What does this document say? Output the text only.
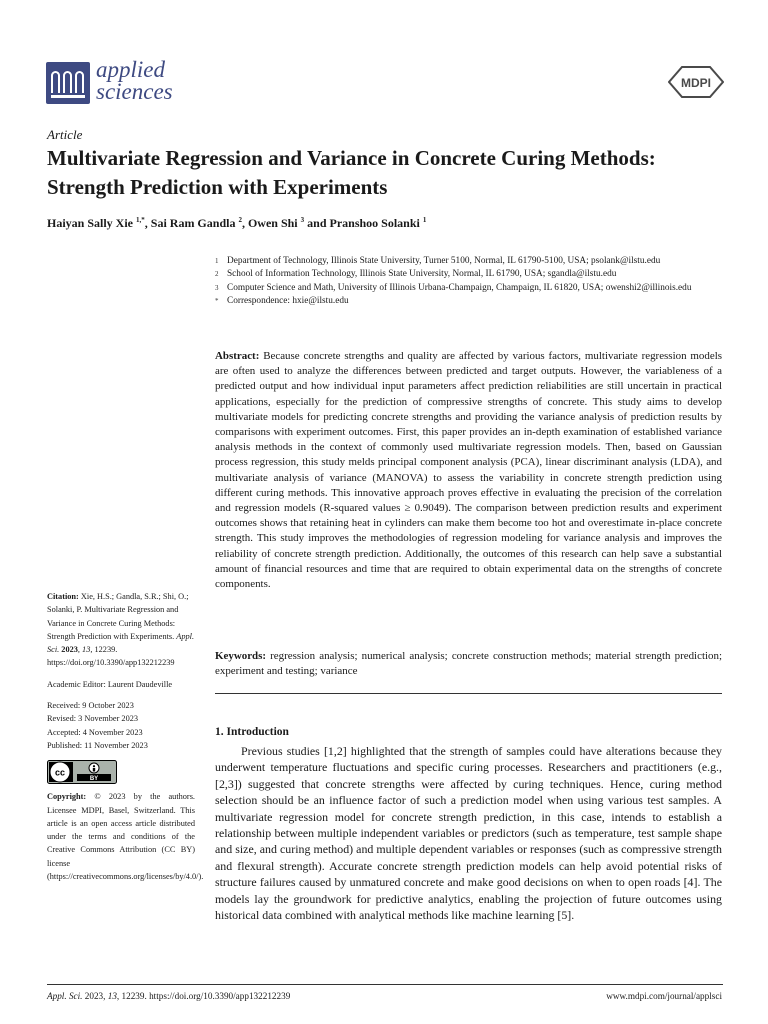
applied
sciences	MDPI
Article
Multivariate Regression and Variance in Concrete Curing Methods: Strength Prediction with Experiments
Haiyan Sally Xie $^{1,*}$, Sai Ram Gandla $^2$, Owen Shi $^3$ and Pranshoo Solanki $^1$
1 Department of Technology, Illinois State University, Turner 5100, Normal, IL 61790-5100, USA; psolank@ilstu.edu
2 School of Information Technology, Illinois State University, Normal, IL 61790, USA; sgandla@ilstu.edu
3 Computer Science and Math, University of Illinois Urbana-Champaign, Champaign, IL 61820, USA; owenshi2@illinois.edu
* Correspondence: hxie@ilstu.edu
Abstract: Because concrete strengths and quality are affected by various factors, multivariate regression models are often used to analyze the differences between predicted and target outputs. However, the variableness of a predicted output and how individual input parameters affect prediction reliabilities are still uncertain in practical applications, especially for the prediction of compressive strengths of concrete. This study aims to develop multivariate models for predicting concrete strengths and providing the variance analysis of prediction results by comparisons with experiment outcomes. First, this paper provides an in-depth examination of established variance analysis methods in the context of commonly used multivariate regression models. Then, based on Gaussian process regression, this study melds principal component analysis (PCA), linear discriminant analysis (LDA), and multivariate analysis of variance (MANOVA) to assess the variability in concrete strength prediction using different curing methods. This innovative approach proves effective in evaluating the precision of the correlation and regression models (R-squared values ≥ 0.9049). The comparison between prediction results and experiment outcomes shows that retaining heat in cylinders can make them become too hot and overestimate in-place concrete strength. This study improves the methodologies of regression modeling for variance analysis and improves the reliability of concrete strength prediction. Additionally, the outcomes of this research can help save a substantial amount of financial resources and time that are required to obtain experimental data on the strengths of concrete components.
Keywords: regression analysis; numerical analysis; concrete construction methods; material strength prediction; experiment and testing; variance
1. Introduction

Previous studies [1,2] highlighted that the strength of samples could have alterations because they underwent temperature fluctuations and specific curing processes. Researchers and practitioners (e.g., [2,3]) suggested that concrete strengths were affected by curing techniques. Hence, curing method selection should be an influence factor of such a prediction model when using various test samples. A multivariate regression model for concrete strength prediction, in this case, intends to establish a relationship between multiple independent variables or predictors (such as temperature, test sample shape and size, and curing method) and multiple dependent variables or responses (such as compressive strength and flexural strength). Accurate concrete strength prediction models can help avoid potential risks of structure failures caused by unmatured concrete and make good decisions on when to open roads [4]. The models lay the groundwork for predictive analytics, enabling the projection of future outcomes using historical data combined with analytical methods like machine learning [5].

Citation: Xie, H.S.; Gandla, S.R.; Shi, O.; Solanki, P. Multivariate Regression and Variance in Concrete Curing Methods: Strength Prediction with Experiments. Appl. Sci. 2023, 13, 12239. https://doi.org/10.3390/app132212239
Academic Editor: Laurent Daudeville
Received: 9 October 2023
Revised: 3 November 2023
Accepted: 4 November 2023
Published: 11 November 2023
cc
BY
Copyright: © 2023 by the authors. Licensee MDPI, Basel, Switzerland. This article is an open access article distributed under the terms and conditions of the Creative Commons Attribution (CC BY) license (https://creativecommons.org/licenses/by/4.0/).
Appl. Sci. 2023, 13, 12239. https://doi.org/10.3390/app132212239	www.mdpi.com/journal/applsci
